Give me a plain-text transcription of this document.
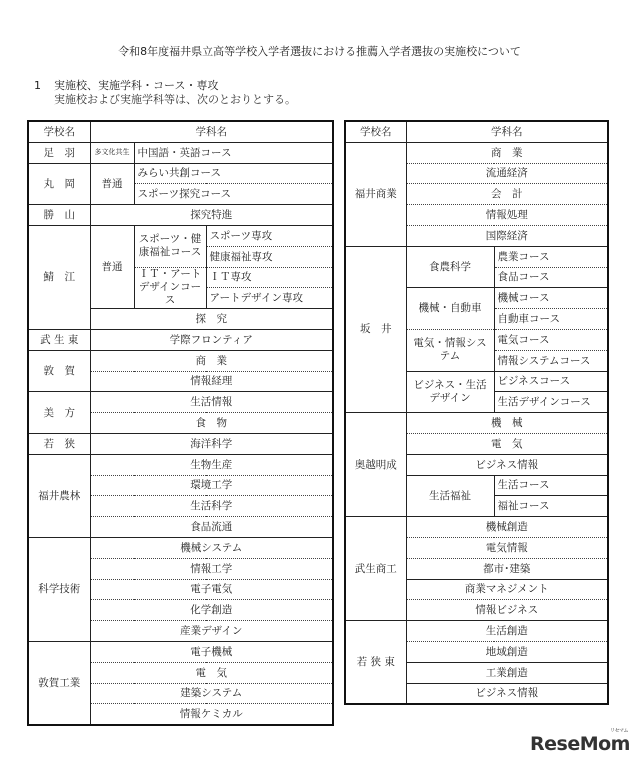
令和8年度福井県立高等学校入学者選抜における推薦入学者選抜の実施校について
1 実施校、実施学科・コース・専攻
実施校および実施学科等は、次のとおりとする。
学校名	学科名		
足　羽	多文化共生	中国語・英語コース	
丸　岡	普通	みらい共創コース	
		スポーツ探究コース	
勝　山	探究特進		
鯖　江	普通	スポーツ・健康福祉コース	スポーツ専攻
			健康福祉専攻
		ＩＴ・アートデザインコース	ＩＴ専攻
			アートデザイン専攻
	探　究		
武 生 東	学際フロンティア		
敦　賀	商　業		
	情報経理		
美　方	生活情報		
	食　物		
若　狭	海洋科学		
福井農林	生物生産		
	環境工学		
	生活科学		
	食品流通		
科学技術	機械システム		
	情報工学		
	電子電気		
	化学創造		
	産業デザイン		
敦賀工業	電子機械		
	電　気		
	建築システム		
	情報ケミカル		
学校名	学科名	
福井商業	商　業	
	流通経済	
	会　計	
	情報処理	
	国際経済	
坂　井	食農科学	農業コース
		食品コース
	機械・自動車	機械コース
		自動車コース
	電気・情報システム	電気コース
		情報システムコース
	ビジネス・生活デザイン	ビジネスコース
		生活デザインコース
奥越明成	機　械	
	電　気	
	ビジネス情報	
	生活福祉	生活コース
		福祉コース
武生商工	機械創造	
	電気情報	
	都市･建築	
	商業マネジメント	
	情報ビジネス	
若 狭 東	生活創造	
	地域創造	
	工業創造	
	ビジネス情報	
リセマム
ReseMom
